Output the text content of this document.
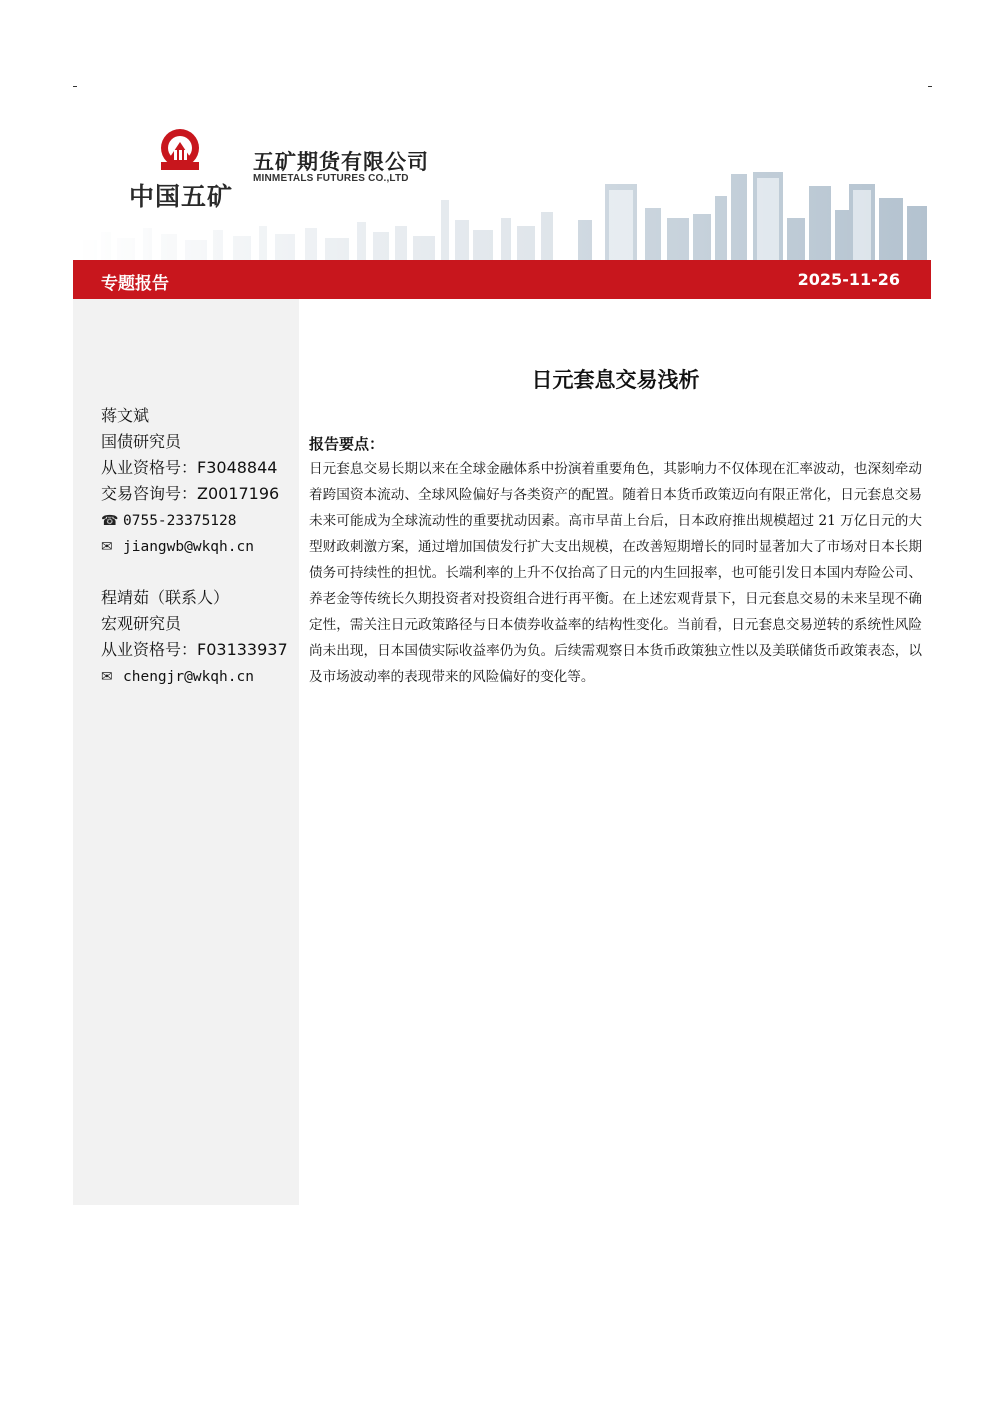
中国五矿
五矿期货有限公司
MINMETALS FUTURES CO.,LTD
专题报告	2025-11-26
蒋文斌
国债研究员
从业资格号：F3048844
交易咨询号：Z0017196
☎ 0755-23375128
✉ jiangwb@wkqh.cn
程靖茹（联系人）
宏观研究员
从业资格号：F03133937
✉ chengjr@wkqh.cn
日元套息交易浅析
报告要点：
日元套息交易长期以来在全球金融体系中扮演着重要角色，其影响力不仅体现在汇率波动，也深刻牵动着跨国资本流动、全球风险偏好与各类资产的配置。随着日本货币政策迈向有限正常化，日元套息交易未来可能成为全球流动性的重要扰动因素。高市早苗上台后，日本政府推出规模超过 21 万亿日元的大型财政刺激方案，通过增加国债发行扩大支出规模，在改善短期增长的同时显著加大了市场对日本长期债务可持续性的担忧。长端利率的上升不仅抬高了日元的内生回报率，也可能引发日本国内寿险公司、养老金等传统长久期投资者对投资组合进行再平衡。在上述宏观背景下，日元套息交易的未来呈现不确定性，需关注日元政策路径与日本债券收益率的结构性变化。当前看，日元套息交易逆转的系统性风险尚未出现，日本国债实际收益率仍为负。后续需观察日本货币政策独立性以及美联储货币政策表态，以及市场波动率的表现带来的风险偏好的变化等。
